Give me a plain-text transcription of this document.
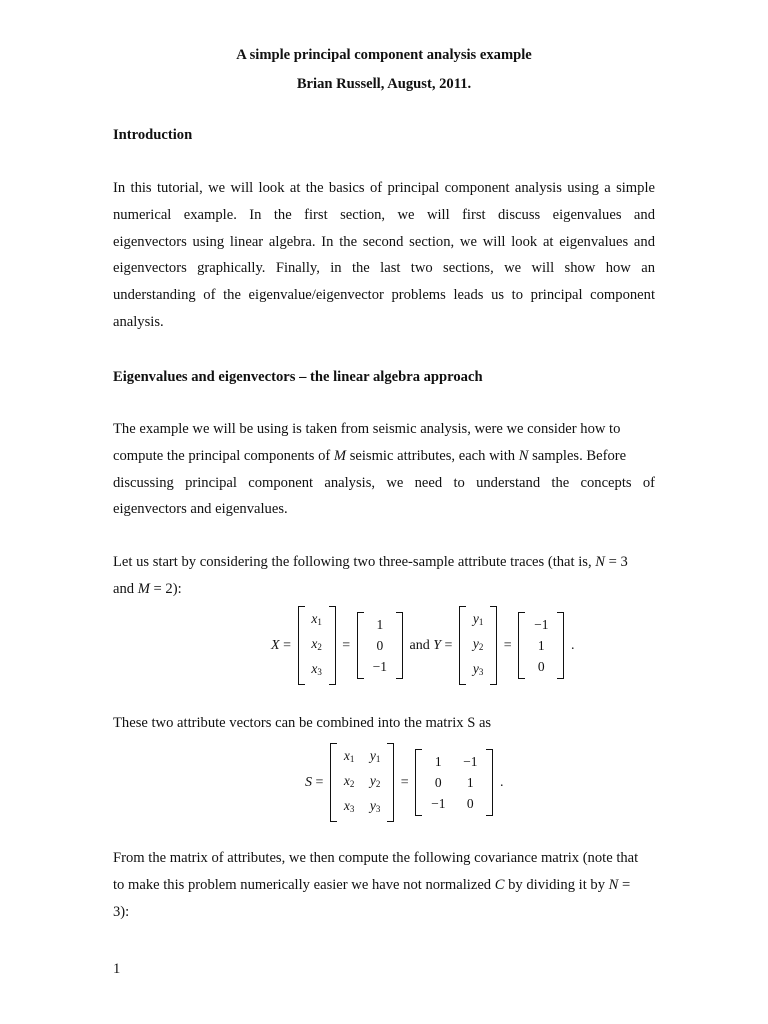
A simple principal component analysis example
Brian Russell, August, 2011.
Introduction
In this tutorial, we will look at the basics of principal component analysis using a simple
numerical example. In the first section, we will first discuss eigenvalues and
eigenvectors using linear algebra. In the second section, we will look at eigenvalues and
eigenvectors graphically. Finally, in the last two sections, we will show how an
understanding of the eigenvalue/eigenvector problems leads us to principal component
analysis.
Eigenvalues and eigenvectors – the linear algebra approach
The example we will be using is taken from seismic analysis, were we consider how to
compute the principal components of M seismic attributes, each with N samples. Before
discussing principal component analysis, we need to understand the concepts of
eigenvectors and eigenvalues.
Let us start by considering the following two three-sample attribute traces (that is, N = 3
and M = 2):
X =
$x_1$
$x_2$
$x_3$
=
1
0
−1
and Y =
$y_1$
$y_2$
$y_3$
=
−1
1
0
.
These two attribute vectors can be combined into the matrix S as
S =
$x_1$ $y_1$
$x_2$ $y_2$
$x_3$ $y_3$
=
1	−1
0	1
−1	0
.
From the matrix of attributes, we then compute the following covariance matrix (note that
to make this problem numerically easier we have not normalized C by dividing it by N =
3):
1
